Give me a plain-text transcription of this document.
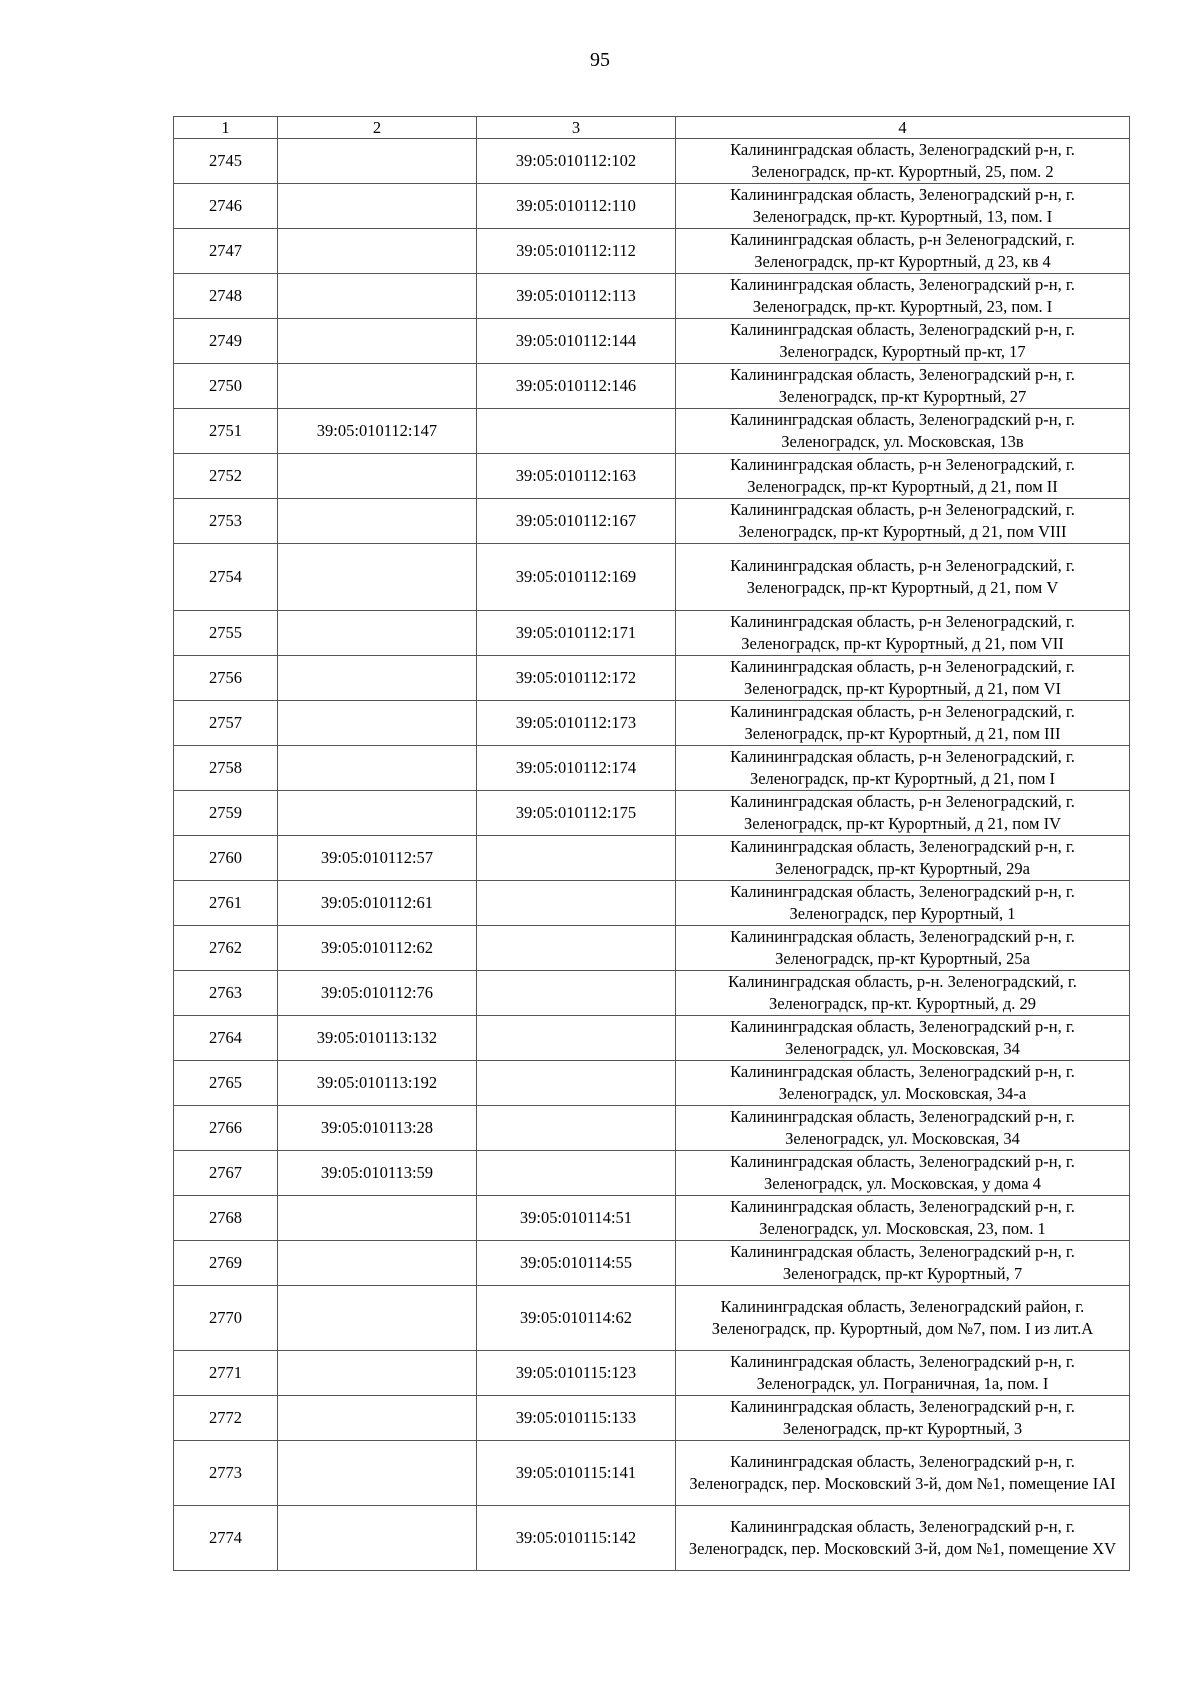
95
1	2	3	4
2745		39:05:010112:102	Калининградская область, Зеленоградский р-н, г. Зеленоградск, пр-кт. Курортный, 25, пом. 2
2746		39:05:010112:110	Калининградская область, Зеленоградский р-н, г. Зеленоградск, пр-кт. Курортный, 13, пом. I
2747		39:05:010112:112	Калининградская область, р-н Зеленоградский, г. Зеленоградск, пр-кт Курортный, д 23, кв 4
2748		39:05:010112:113	Калининградская область, Зеленоградский р-н, г. Зеленоградск, пр-кт. Курортный, 23, пом. I
2749		39:05:010112:144	Калининградская область, Зеленоградский р-н, г. Зеленоградск, Курортный пр-кт, 17
2750		39:05:010112:146	Калининградская область, Зеленоградский р-н, г. Зеленоградск, пр-кт Курортный, 27
2751	39:05:010112:147		Калининградская область, Зеленоградский р-н, г. Зеленоградск, ул. Московская, 13в
2752		39:05:010112:163	Калининградская область, р-н Зеленоградский, г. Зеленоградск, пр-кт Курортный, д 21, пом II
2753		39:05:010112:167	Калининградская область, р-н Зеленоградский, г. Зеленоградск, пр-кт Курортный, д 21, пом VIII
2754		39:05:010112:169	Калининградская область, р-н Зеленоградский, г. Зеленоградск, пр-кт Курортный, д 21, пом V
2755		39:05:010112:171	Калининградская область, р-н Зеленоградский, г. Зеленоградск, пр-кт Курортный, д 21, пом VII
2756		39:05:010112:172	Калининградская область, р-н Зеленоградский, г. Зеленоградск, пр-кт Курортный, д 21, пом VI
2757		39:05:010112:173	Калининградская область, р-н Зеленоградский, г. Зеленоградск, пр-кт Курортный, д 21, пом III
2758		39:05:010112:174	Калининградская область, р-н Зеленоградский, г. Зеленоградск, пр-кт Курортный, д 21, пом I
2759		39:05:010112:175	Калининградская область, р-н Зеленоградский, г. Зеленоградск, пр-кт Курортный, д 21, пом IV
2760	39:05:010112:57		Калининградская область, Зеленоградский р-н, г. Зеленоградск, пр-кт Курортный, 29а
2761	39:05:010112:61		Калининградская область, Зеленоградский р-н, г. Зеленоградск, пер Курортный, 1
2762	39:05:010112:62		Калининградская область, Зеленоградский р-н, г. Зеленоградск, пр-кт Курортный, 25а
2763	39:05:010112:76		Калининградская область, р-н. Зеленоградский, г. Зеленоградск, пр-кт. Курортный, д. 29
2764	39:05:010113:132		Калининградская область, Зеленоградский р-н, г. Зеленоградск, ул. Московская, 34
2765	39:05:010113:192		Калининградская область, Зеленоградский р-н, г. Зеленоградск, ул. Московская, 34-а
2766	39:05:010113:28		Калининградская область, Зеленоградский р-н, г. Зеленоградск, ул. Московская, 34
2767	39:05:010113:59		Калининградская область, Зеленоградский р-н, г. Зеленоградск, ул. Московская, у дома 4
2768		39:05:010114:51	Калининградская область, Зеленоградский р-н, г. Зеленоградск, ул. Московская, 23, пом. 1
2769		39:05:010114:55	Калининградская область, Зеленоградский р-н, г. Зеленоградск, пр-кт Курортный, 7
2770		39:05:010114:62	Калининградская область, Зеленоградский район, г. Зеленоградск, пр. Курортный, дом №7, пом. I из лит.А
2771		39:05:010115:123	Калининградская область, Зеленоградский р-н, г. Зеленоградск, ул. Пограничная, 1а, пом. I
2772		39:05:010115:133	Калининградская область, Зеленоградский р-н, г. Зеленоградск, пр-кт Курортный, 3
2773		39:05:010115:141	Калининградская область, Зеленоградский р-н, г. Зеленоградск, пер. Московский 3-й, дом №1, помещение IАI
2774		39:05:010115:142	Калининградская область, Зеленоградский р-н, г. Зеленоградск, пер. Московский 3-й, дом №1, помещение XV
